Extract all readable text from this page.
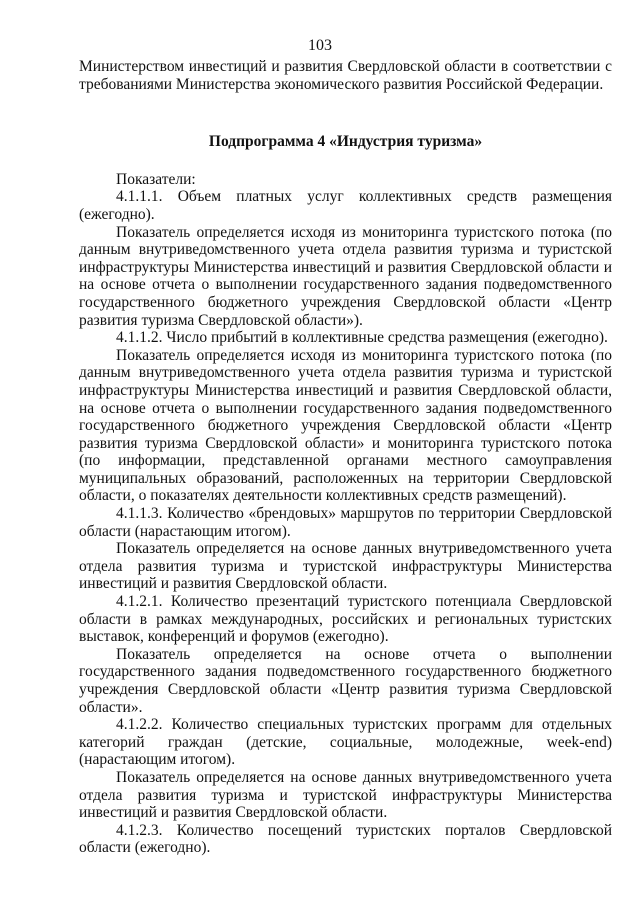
103

Министерством инвестиций и развития Свердловской области в соответствии с требованиями Министерства экономического развития Российской Федерации.

Подпрограмма 4 «Индустрия туризма»

Показатели:

4.1.1.1. Объем платных услуг коллективных средств размещения (ежегодно).

Показатель определяется исходя из мониторинга туристского потока (по данным внутриведомственного учета отдела развития туризма и туристской инфраструктуры Министерства инвестиций и развития Свердловской области и на основе отчета о выполнении государственного задания подведомственного государственного бюджетного учреждения Свердловской области «Центр развития туризма Свердловской области»).

4.1.1.2. Число прибытий в коллективные средства размещения (ежегодно).

Показатель определяется исходя из мониторинга туристского потока (по данным внутриведомственного учета отдела развития туризма и туристской инфраструктуры Министерства инвестиций и развития Свердловской области, на основе отчета о выполнении государственного задания подведомственного государственного бюджетного учреждения Свердловской области «Центр развития туризма Свердловской области» и мониторинга туристского потока (по информации, представленной органами местного самоуправления муниципальных образований, расположенных на территории Свердловской области, о показателях деятельности коллективных средств размещений).

4.1.1.3. Количество «брендовых» маршрутов по территории Свердловской области (нарастающим итогом).

Показатель определяется на основе данных внутриведомственного учета отдела развития туризма и туристской инфраструктуры Министерства инвестиций и развития Свердловской области.

4.1.2.1. Количество презентаций туристского потенциала Свердловской области в рамках международных, российских и региональных туристских выставок, конференций и форумов (ежегодно).

Показатель определяется на основе отчета о выполнении государственного задания подведомственного государственного бюджетного учреждения Свердловской области «Центр развития туризма Свердловской области».

4.1.2.2. Количество специальных туристских программ для отдельных категорий граждан (детские, социальные, молодежные, week-end) (нарастающим итогом).

Показатель определяется на основе данных внутриведомственного учета отдела развития туризма и туристской инфраструктуры Министерства инвестиций и развития Свердловской области.

4.1.2.3. Количество посещений туристских порталов Свердловской области (ежегодно).
